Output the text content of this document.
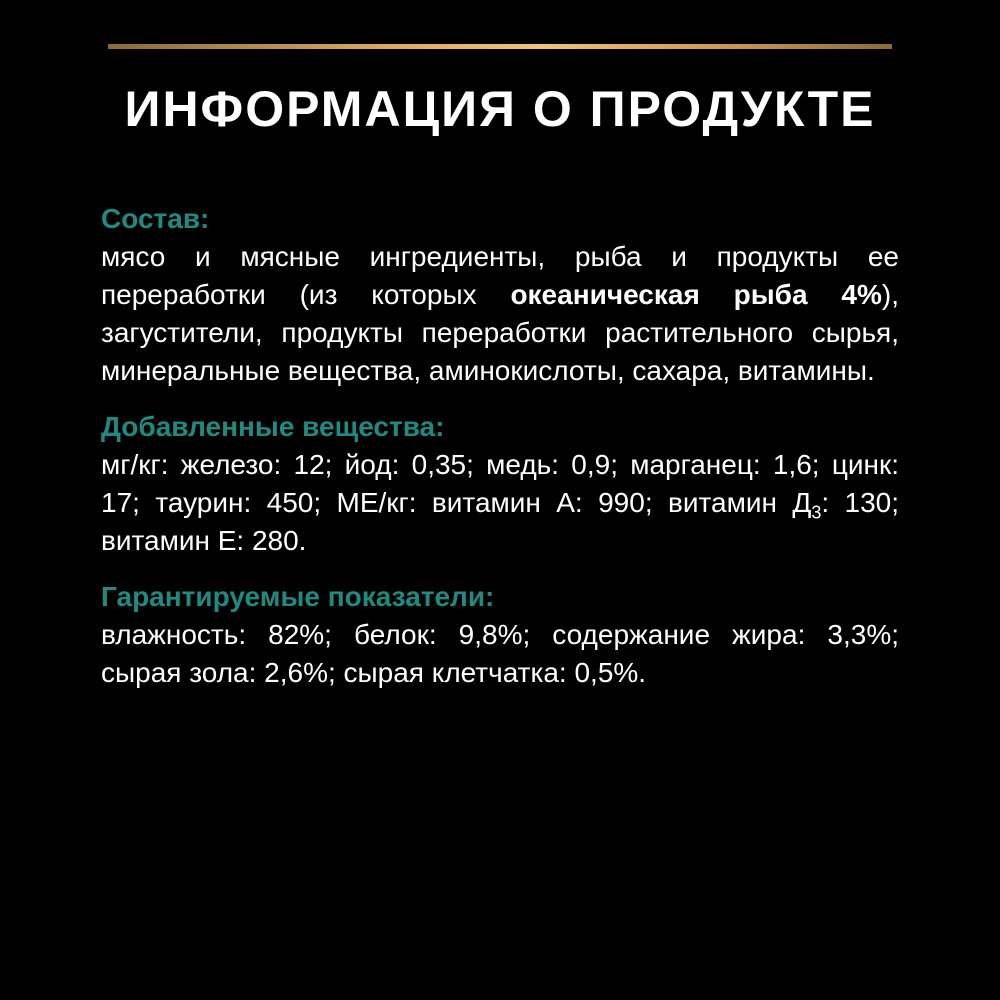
ИНФОРМАЦИЯ О ПРОДУКТЕ

Состав:

мясо и мясные ингредиенты, рыба и продукты ее переработки (из которых океаническая рыба 4%), загустители, продукты переработки растительного сырья, минеральные вещества, аминокислоты, сахара, витамины.

Добавленные вещества:

мг/кг: железо: 12; йод: 0,35; медь: 0,9; марганец: 1,6; цинк: 17; таурин: 450; МЕ/кг: витамин А: 990; витамин $Д_3$: 130; витамин Е: 280.

Гарантируемые показатели:

влажность: 82%; белок: 9,8%; содержание жира: 3,3%; сырая зола: 2,6%; сырая клетчатка: 0,5%.
